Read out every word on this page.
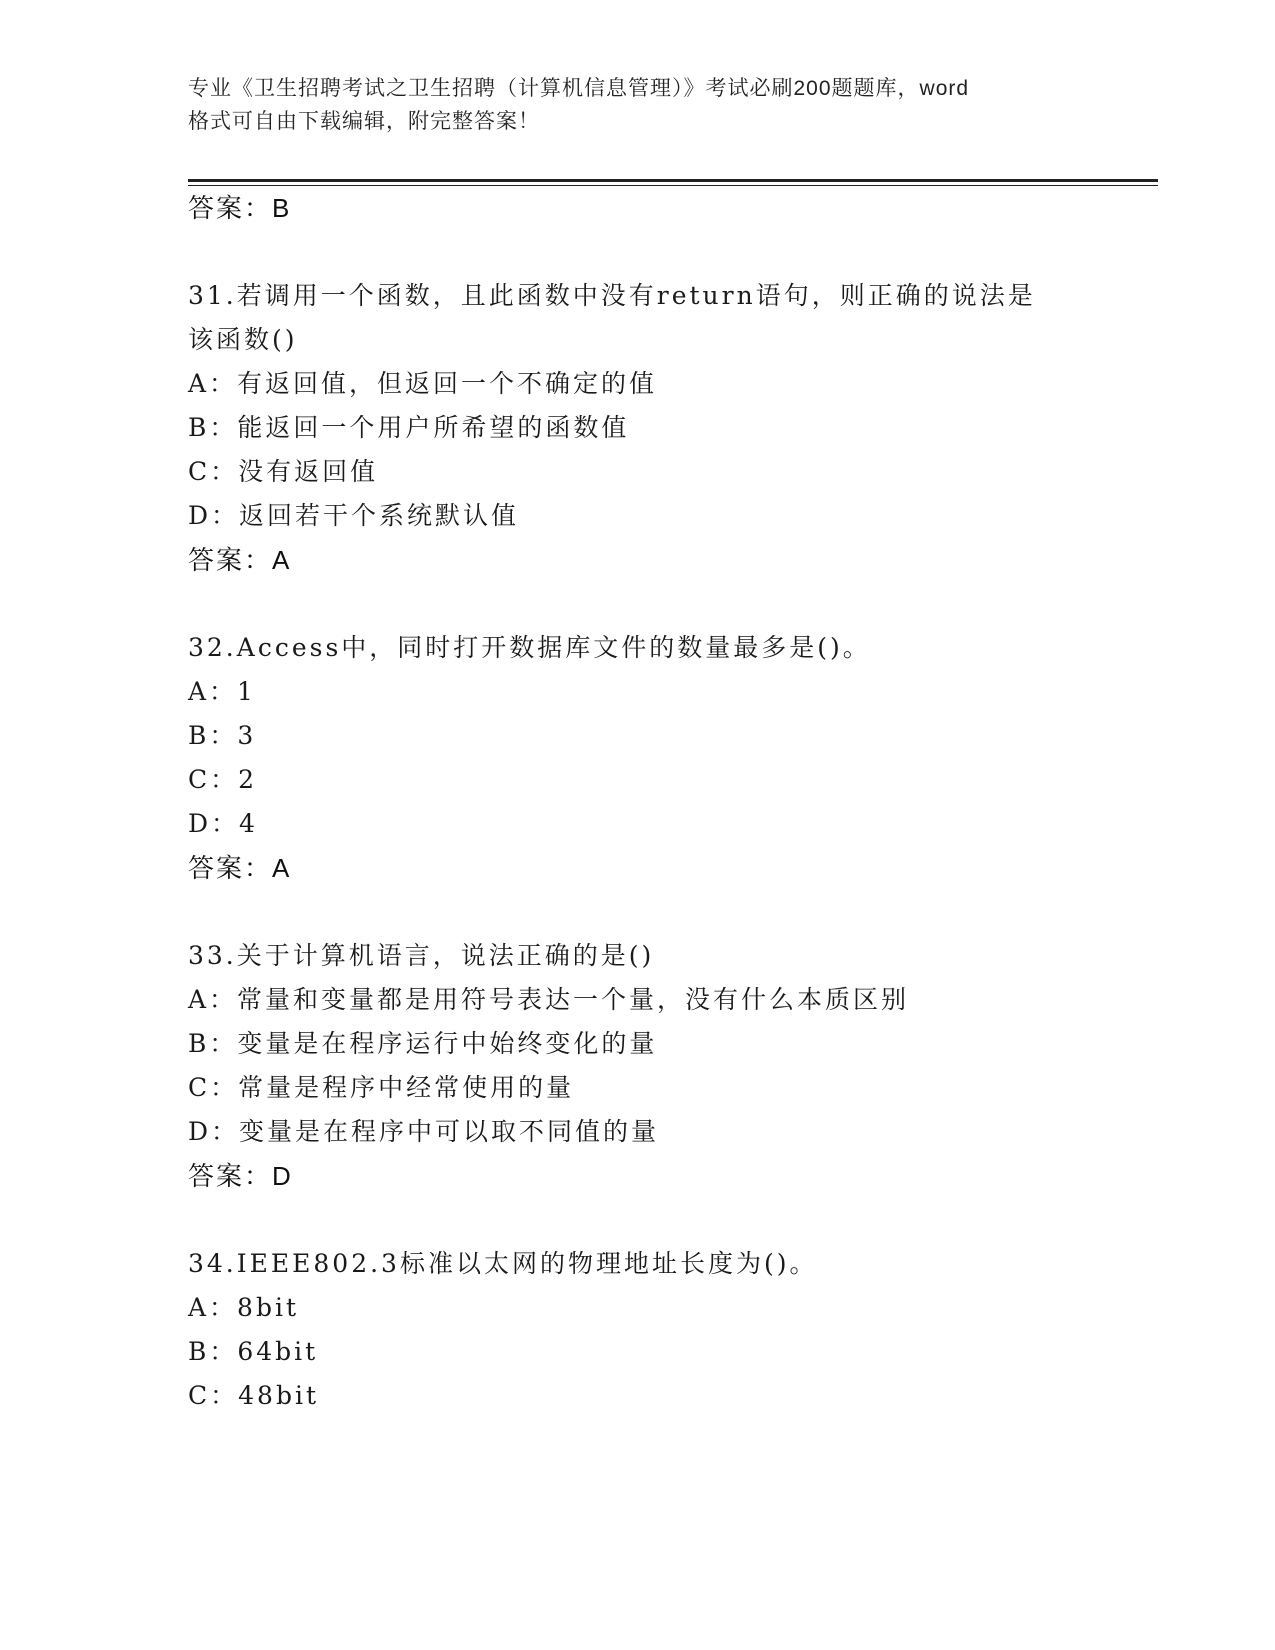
专业《卫生招聘考试之卫生招聘（计算机信息管理）》考试必刷200题题库，word
格式可自由下载编辑，附完整答案！
答案：B
31.若调用一个函数，且此函数中没有return语句，则正确的说法是
该函数()
A：有返回值，但返回一个不确定的值
B：能返回一个用户所希望的函数值
C：没有返回值
D：返回若干个系统默认值
答案：A
32.Access中，同时打开数据库文件的数量最多是()。
A：1
B：3
C：2
D：4
答案：A
33.关于计算机语言，说法正确的是()
A：常量和变量都是用符号表达一个量，没有什么本质区别
B：变量是在程序运行中始终变化的量
C：常量是程序中经常使用的量
D：变量是在程序中可以取不同值的量
答案：D
34.IEEE802.3标准以太网的物理地址长度为()。
A：8bit
B：64bit
C：48bit
